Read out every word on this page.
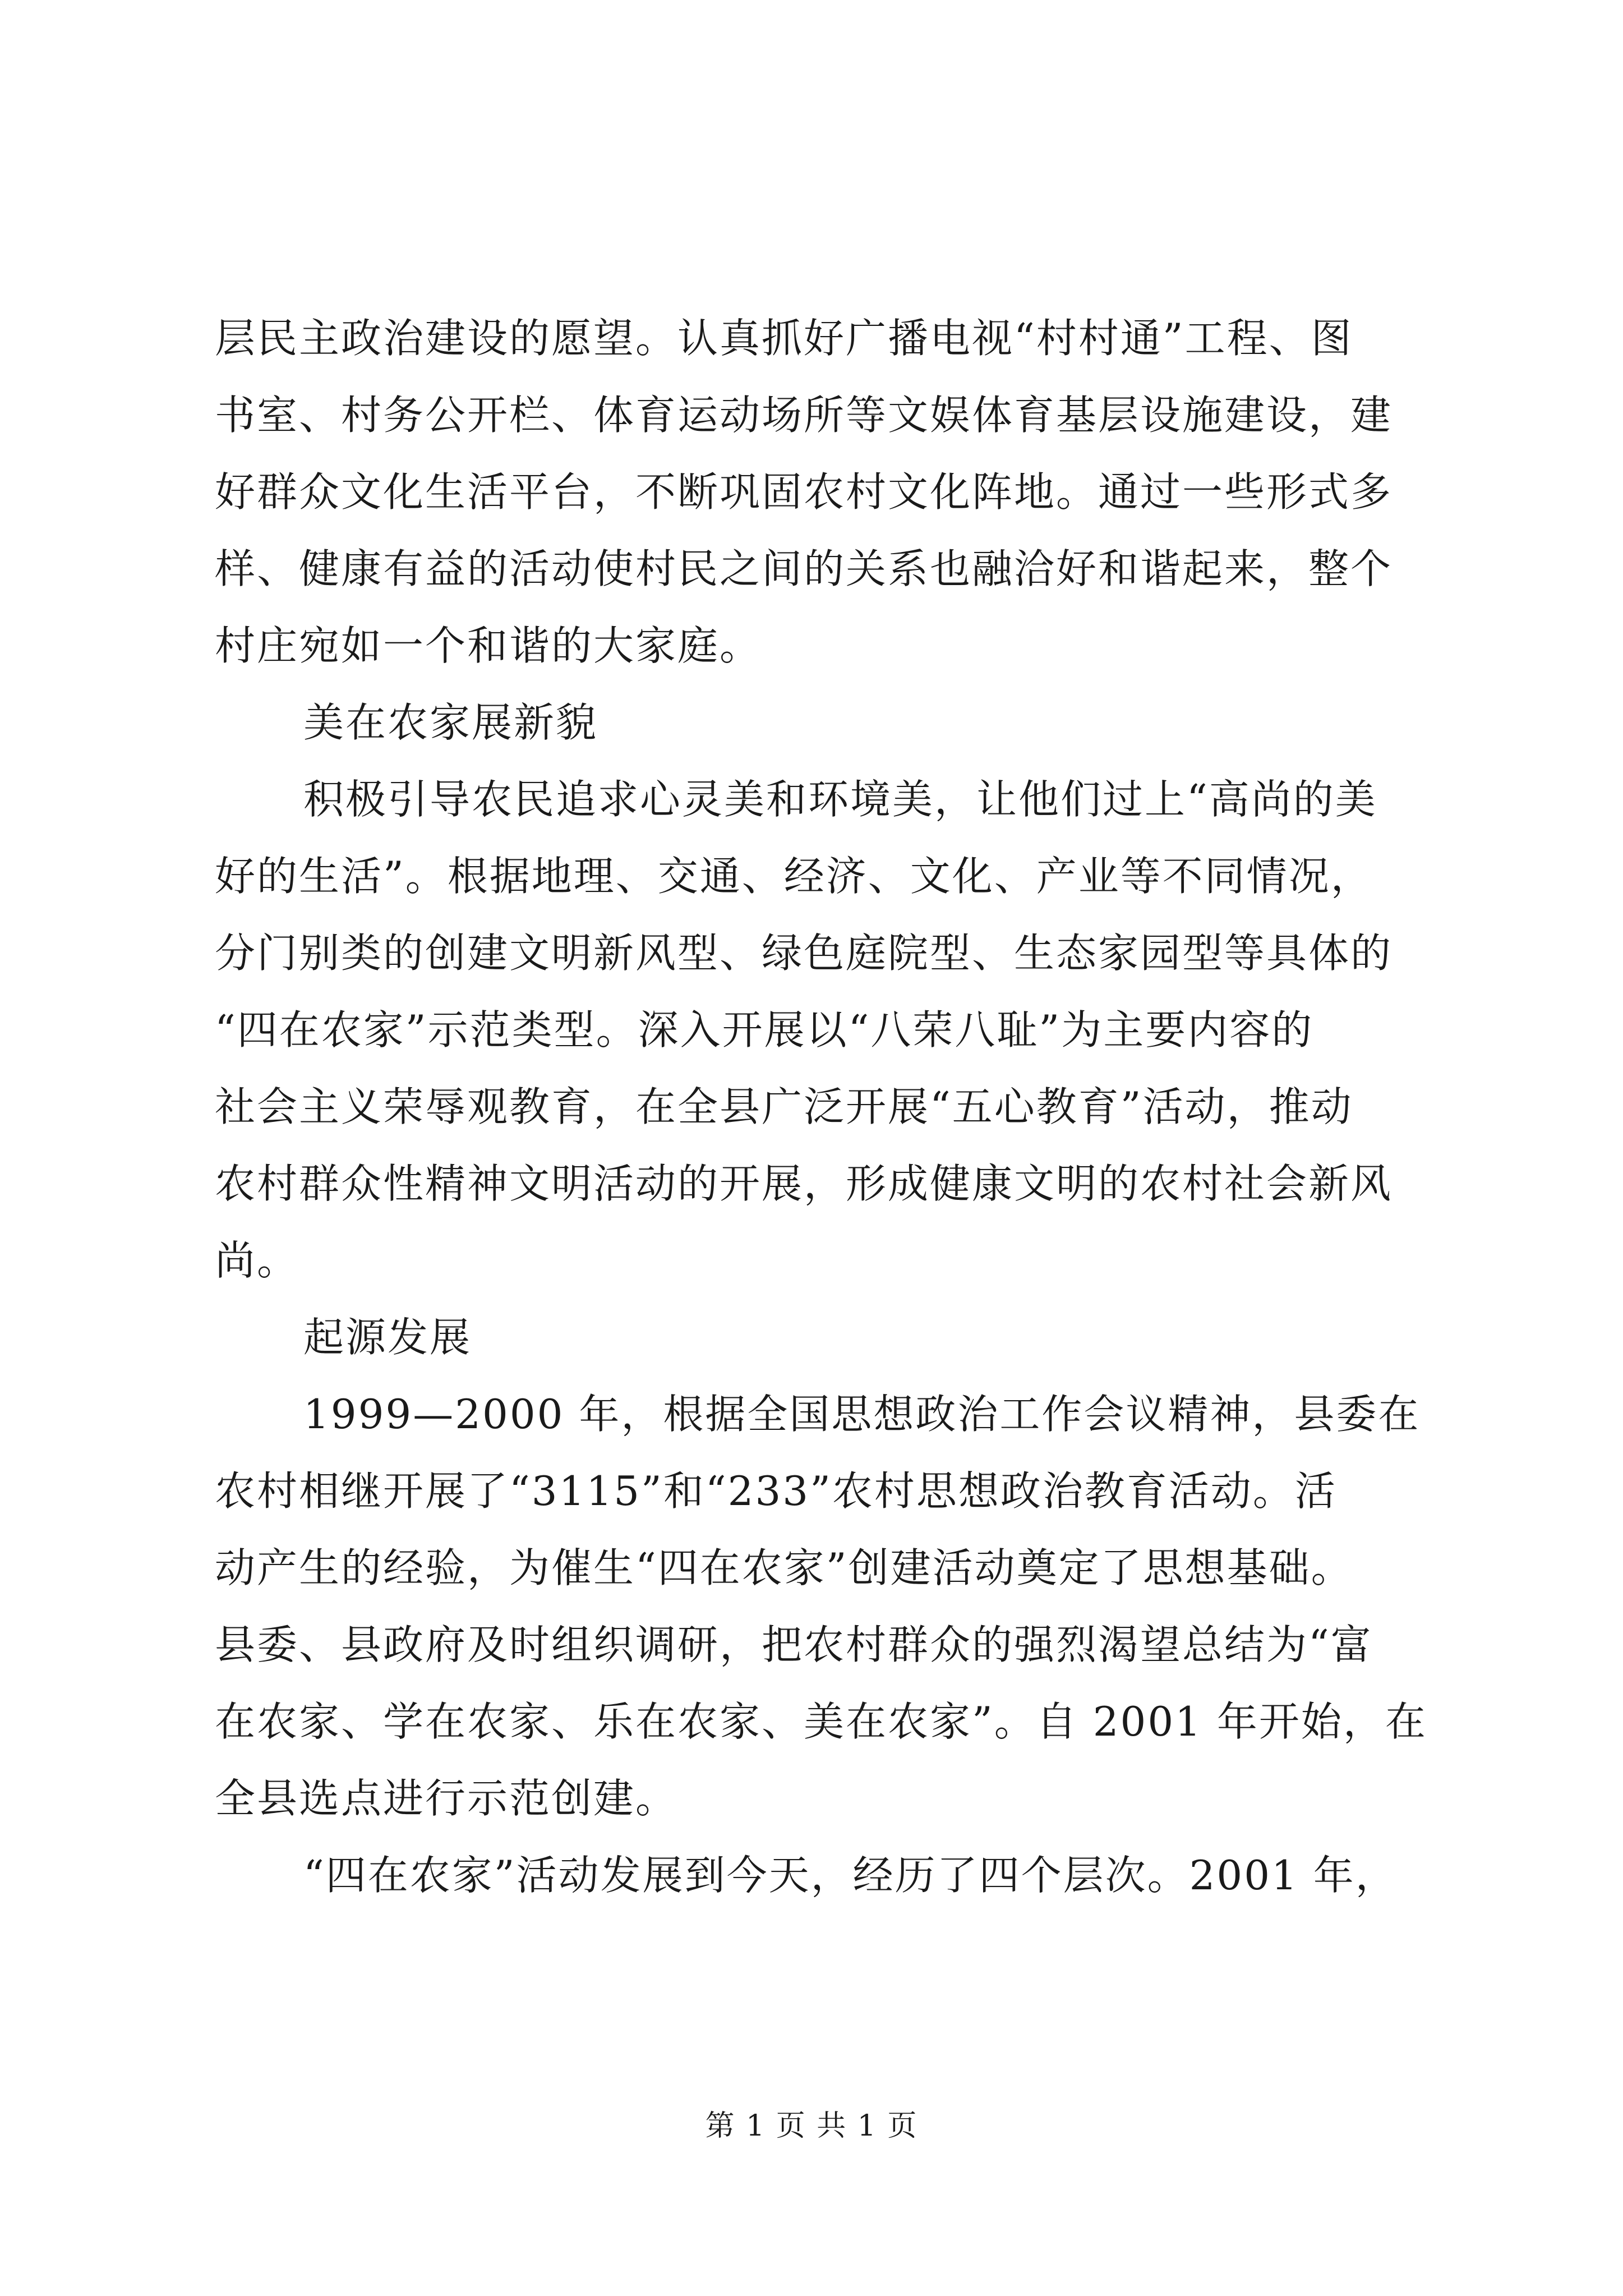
层民主政治建设的愿望。认真抓好广播电视“村村通”工程、图
书室、村务公开栏、体育运动场所等文娱体育基层设施建设，建
好群众文化生活平台，不断巩固农村文化阵地。通过一些形式多
样、健康有益的活动使村民之间的关系也融洽好和谐起来，整个
村庄宛如一个和谐的大家庭。
美在农家展新貌
积极引导农民追求心灵美和环境美，让他们过上“高尚的美
好的生活”。根据地理、交通、经济、文化、产业等不同情况，
分门别类的创建文明新风型、绿色庭院型、生态家园型等具体的
“四在农家”示范类型。深入开展以“八荣八耻”为主要内容的
社会主义荣辱观教育，在全县广泛开展“五心教育”活动，推动
农村群众性精神文明活动的开展，形成健康文明的农村社会新风
尚。
起源发展
1999—2000 年，根据全国思想政治工作会议精神，县委在
农村相继开展了“3115”和“233”农村思想政治教育活动。活
动产生的经验，为催生“四在农家”创建活动奠定了思想基础。
县委、县政府及时组织调研，把农村群众的强烈渴望总结为“富
在农家、学在农家、乐在农家、美在农家”。自 2001 年开始，在
全县选点进行示范创建。
“四在农家”活动发展到今天，经历了四个层次。2001 年，
第 1 页 共 1 页
